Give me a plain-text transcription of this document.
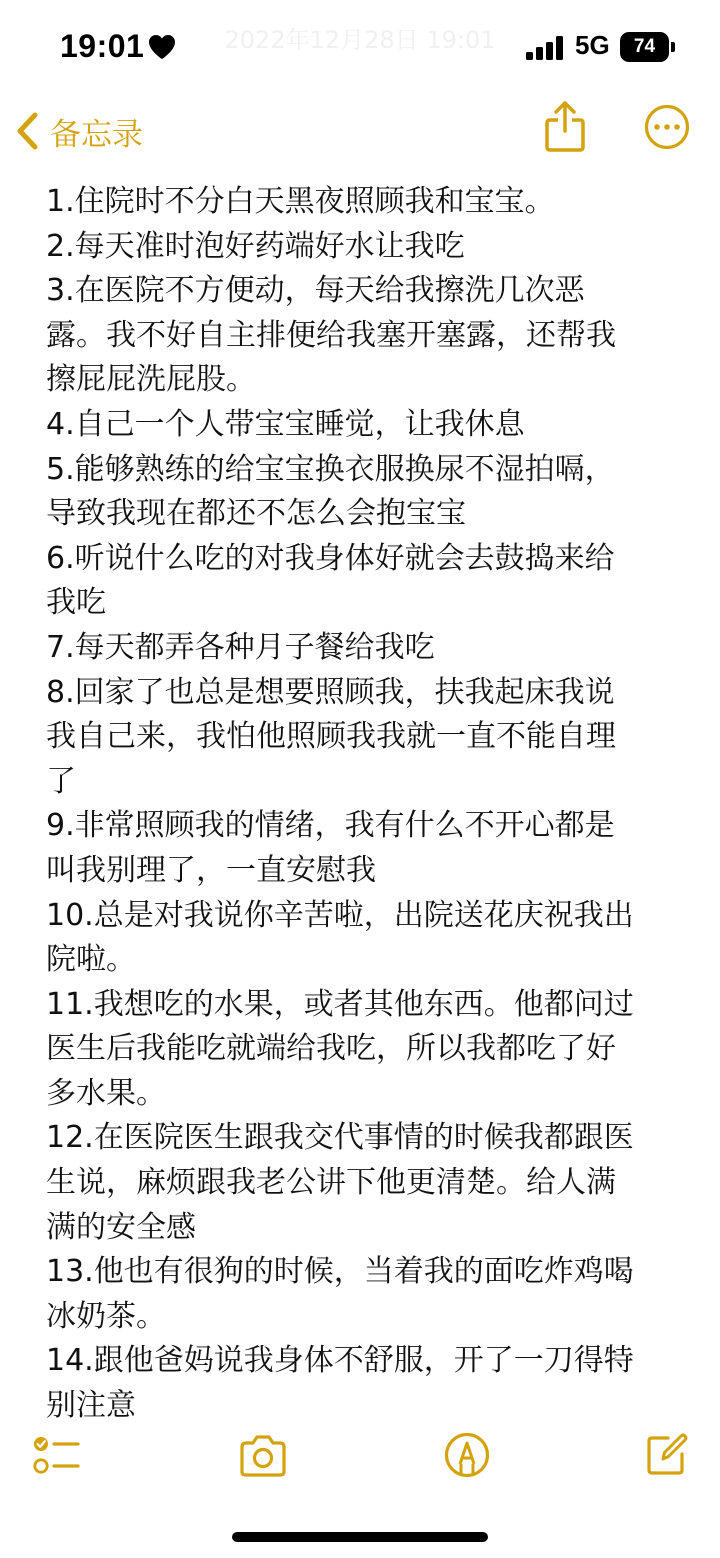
19:01	2022年12月28日 19:01	5G	74
备忘录
1.住院时不分白天黑夜照顾我和宝宝。
2.每天准时泡好药端好水让我吃
3.在医院不方便动，每天给我擦洗几次恶
露。我不好自主排便给我塞开塞露，还帮我
擦屁屁洗屁股。
4.自己一个人带宝宝睡觉，让我休息
5.能够熟练的给宝宝换衣服换尿不湿拍嗝，
导致我现在都还不怎么会抱宝宝
6.听说什么吃的对我身体好就会去鼓捣来给
我吃
7.每天都弄各种月子餐给我吃
8.回家了也总是想要照顾我，扶我起床我说
我自己来，我怕他照顾我我就一直不能自理
了
9.非常照顾我的情绪，我有什么不开心都是
叫我别理了，一直安慰我
10.总是对我说你辛苦啦，出院送花庆祝我出
院啦。
11.我想吃的水果，或者其他东西。他都问过
医生后我能吃就端给我吃，所以我都吃了好
多水果。
12.在医院医生跟我交代事情的时候我都跟医
生说，麻烦跟我老公讲下他更清楚。给人满
满的安全感
13.他也有很狗的时候，当着我的面吃炸鸡喝
冰奶茶。
14.跟他爸妈说我身体不舒服，开了一刀得特
别注意
